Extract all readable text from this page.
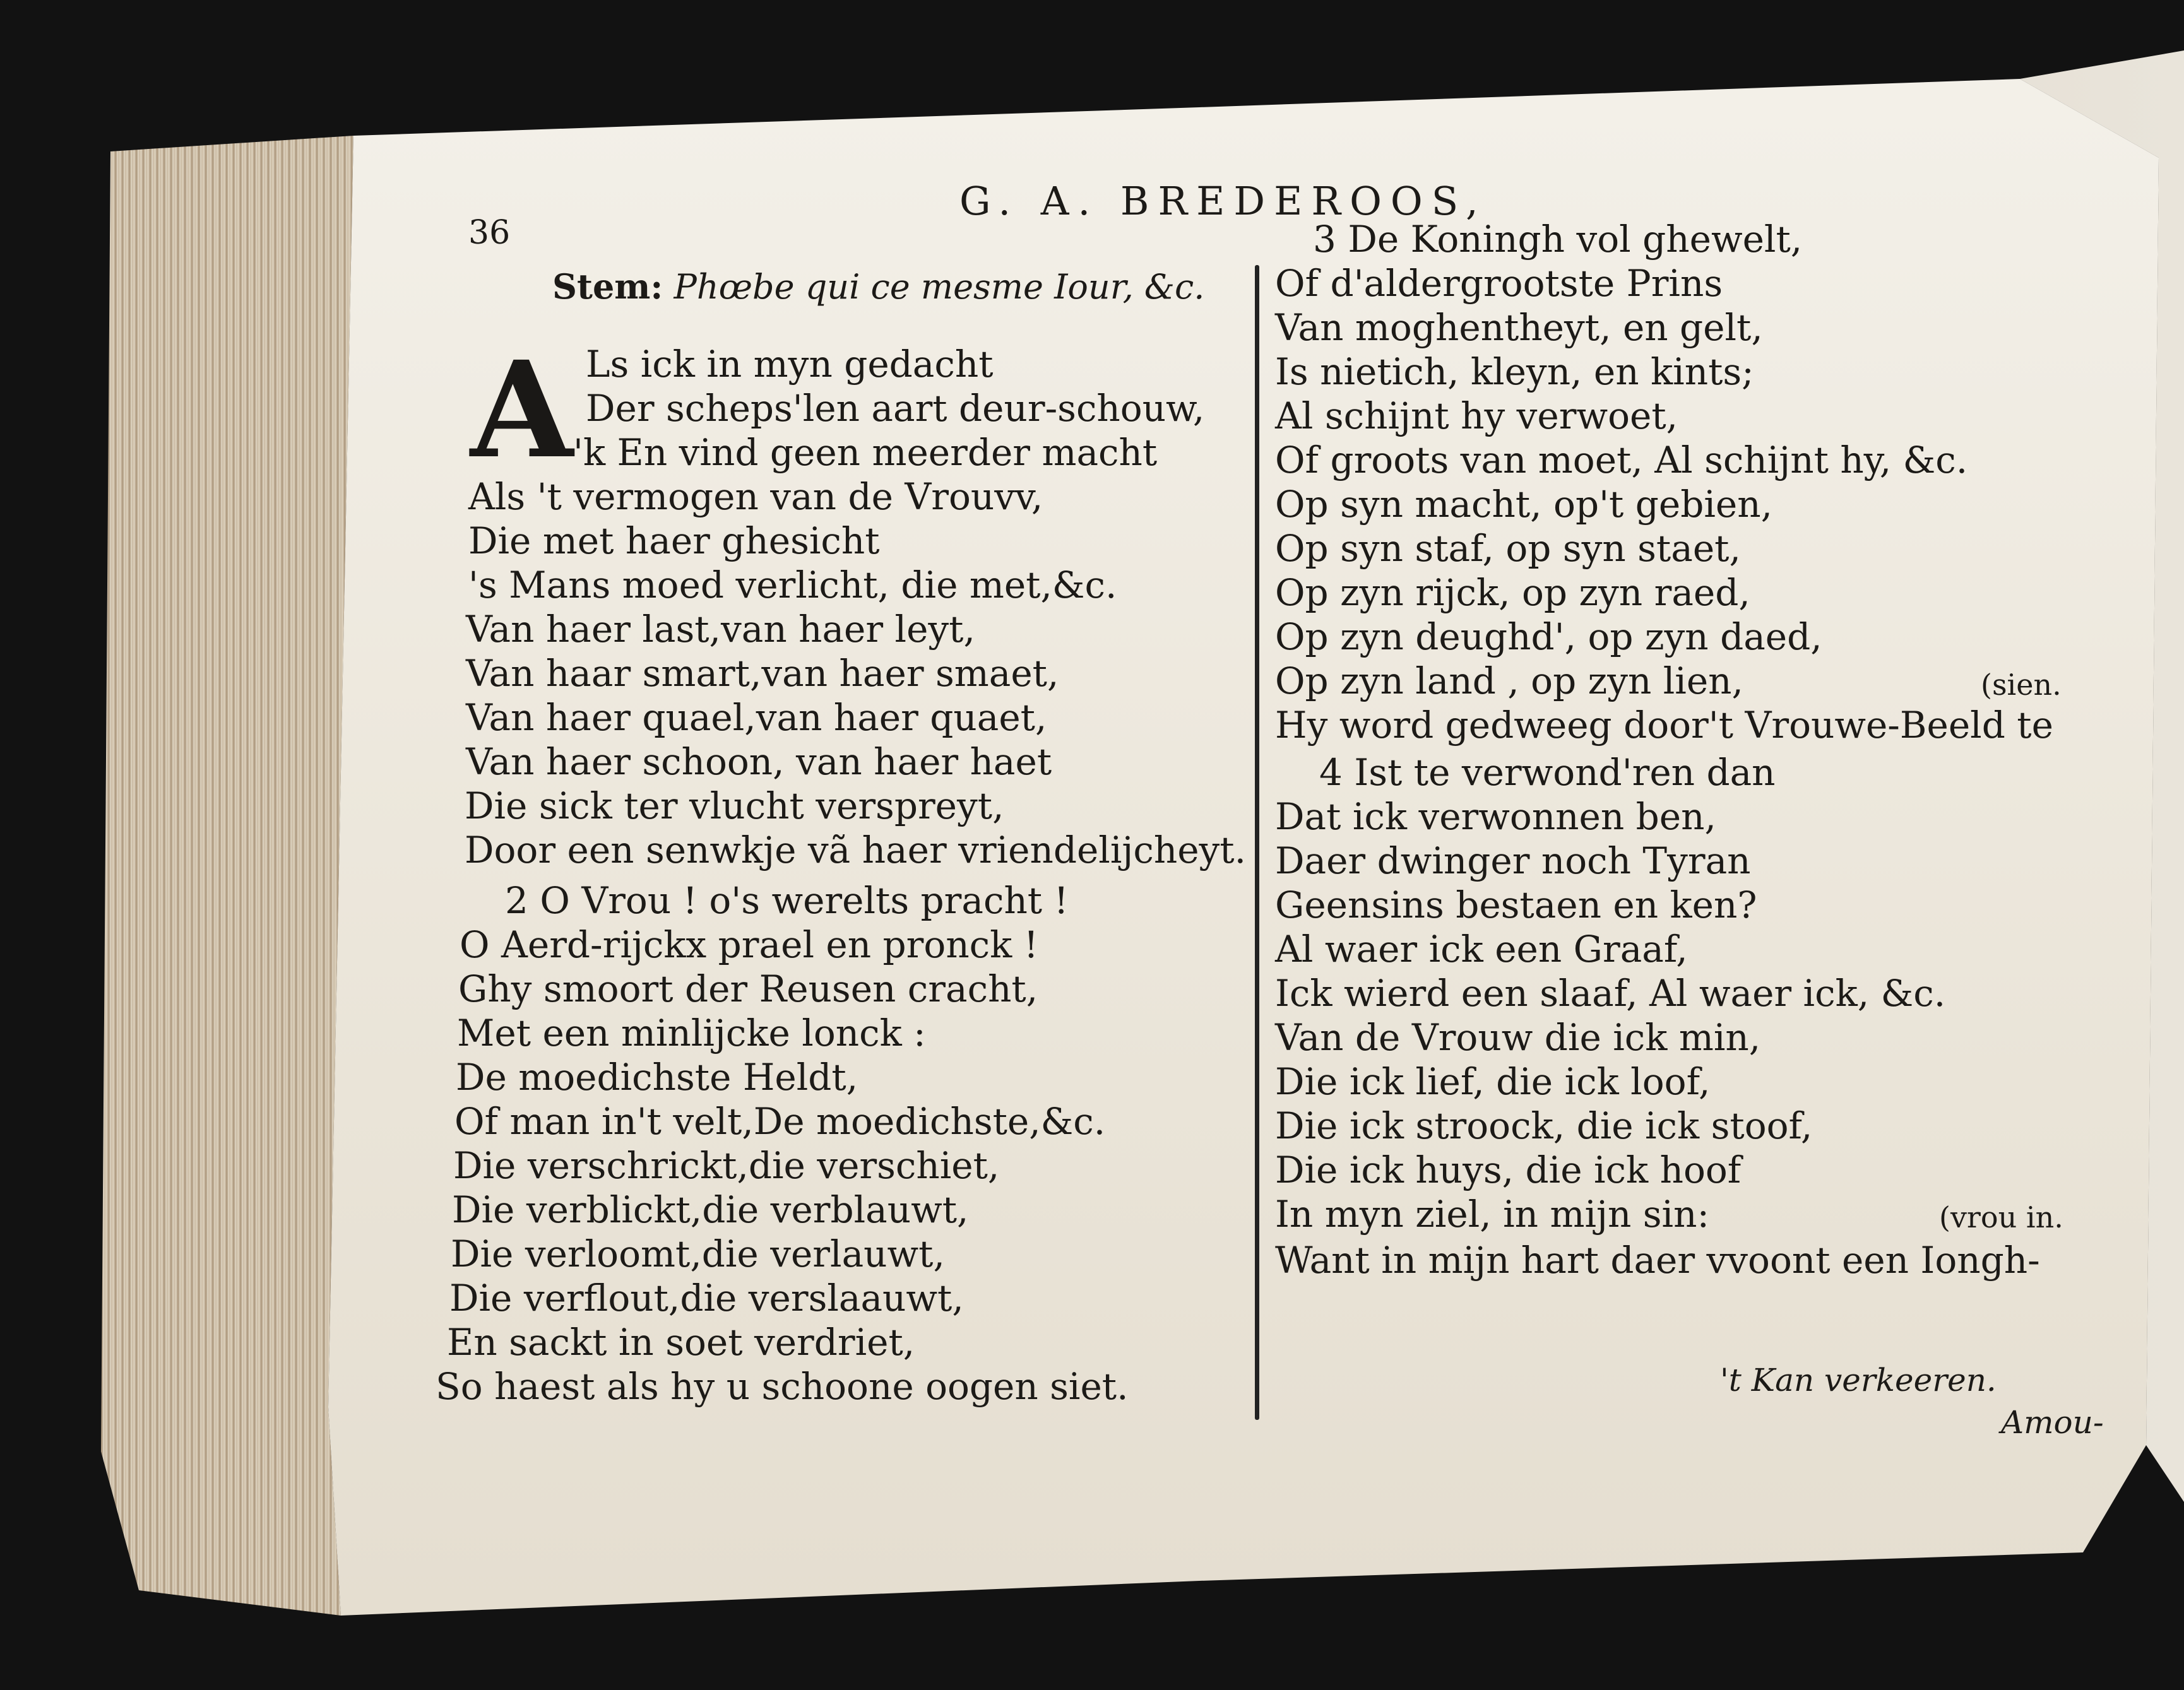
36
G. A. BREDEROOS,
Stem: Phœbe qui ce mesme Iour, &c.
A Ls ick in myn gedacht
Der scheps'len aart deur-schouw,
'k En vind geen meerder macht
Als 't vermogen van de Vrouvv,
Die met haer ghesicht
's Mans moed verlicht, die met,&c.
Van haer last,van haer leyt,
Van haar smart,van haer smaet,
Van haer quael,van haer quaet,
Van haer schoon, van haer haet
Die sick ter vlucht verspreyt,
Door een senwkje vã haer vriendelijcheyt.
2 O Vrou ! o's werelts pracht !
O Aerd-rijckx prael en pronck !
Ghy smoort der Reusen cracht,
Met een minlijcke lonck :
De moedichste Heldt,
Of man in't velt,De moedichste,&c.
Die verschrickt,die verschiet,
Die verblickt,die verblauwt,
Die verloomt,die verlauwt,
Die verflout,die verslaauwt,
En sackt in soet verdriet,
So haest als hy u schoone oogen siet.
3 De Koningh vol ghewelt,
Of d'aldergrootste Prins
Van moghentheyt, en gelt,
Is nietich, kleyn, en kints;
Al schijnt hy verwoet,
Of groots van moet, Al schijnt hy, &c.
Op syn macht, op't gebien,
Op syn staf, op syn staet,
Op zyn rijck, op zyn raed,
Op zyn deughd', op zyn daed,
Op zyn land , op zyn lien,
Hy word gedweeg door't Vrouwe-Beeld te
4 Ist te verwond'ren dan
Dat ick verwonnen ben,
Daer dwinger noch Tyran
Geensins bestaen en ken?
Al waer ick een Graaf,
Ick wierd een slaaf, Al waer ick, &c.
Van de Vrouw die ick min,
Die ick lief, die ick loof,
Die ick stroock, die ick stoof,
Die ick huys, die ick hoof
In myn ziel, in mijn sin:
Want in mijn hart daer vvoont een Iongh-
(sien.
(vrou in.
't Kan verkeeren.
Amou-
